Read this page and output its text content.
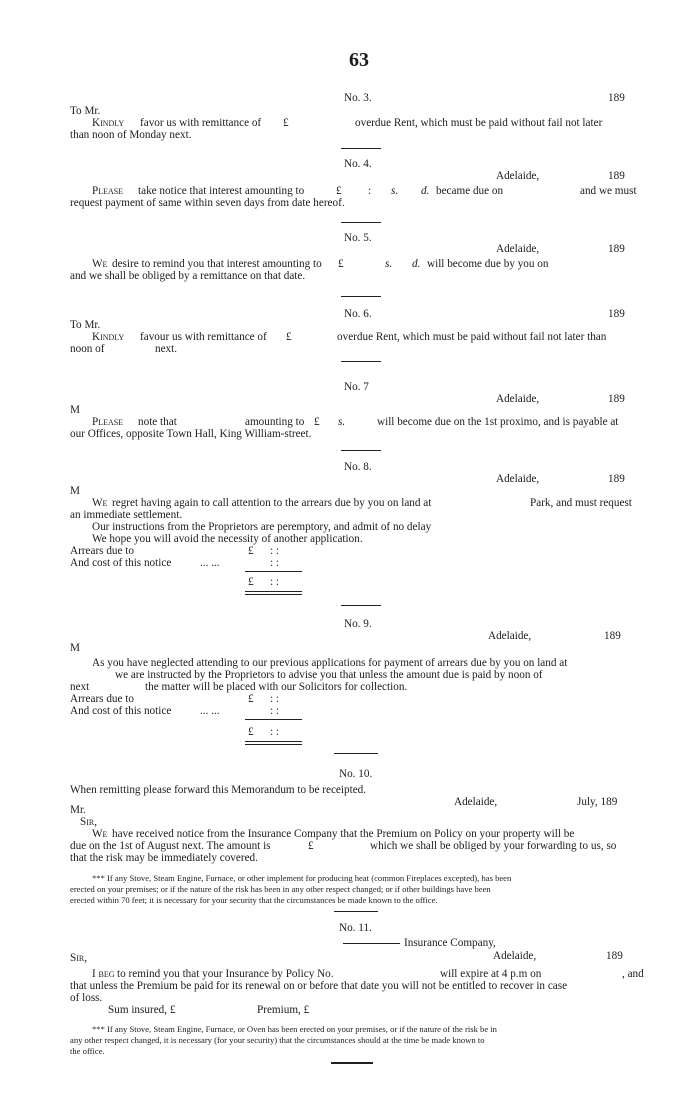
63
No. 3.	189
To Mr.
Kindly favor us with remittance of £	overdue Rent, which must be paid without fail not later
than noon of Monday next.
No. 4.
Adelaide,	189
Please take notice that interest amounting to	£ : s. d. became due on	and we must
request payment of same within seven days from date hereof.
No. 5.
Adelaide,	189
We desire to remind you that interest amounting to £	s. d. will become due by you on
and we shall be obliged by a remittance on that date.
No. 6.	189
To Mr.
Kindly favour us with remittance of £	overdue Rent, which must be paid without fail not later than
noon of	next.
No. 7
Adelaide,	189
M
Please note that	amounting to £ s.	will become due on the 1st proximo, and is payable at
our Offices, opposite Town Hall, King William-street.
No. 8.
Adelaide,	189
M
We regret having again to call attention to the arrears due by you on land at	Park, and must request
an immediate settlement.
Our instructions from the Proprietors are peremptory, and admit of no delay
We hope you will avoid the necessity of another application.
Arrears due to	£ : :
And cost of this notice	... ...	: :
£ : :
No. 9.
Adelaide,	189
M
As you have neglected attending to our previous applications for payment of arrears due by you on land at
we are instructed by the Proprietors to advise you that unless the amount due is paid by noon of
next	the matter will be placed with our Solicitors for collection.
Arrears due to	£ : :
And cost of this notice	... ...	: :
£ : :
No. 10.
When remitting please forward this Memorandum to be receipted.
Adelaide,	July, 189
Mr.
Sir,
We have received notice from the Insurance Company that the Premium on Policy on your property will be
due on the 1st of August next. The amount is	£	which we shall be obliged by your forwarding to us, so
that the risk may be immediately covered.
*** If any Stove, Steam Engine, Furnace, or other implement for producing heat (common Fireplaces excepted), has been
erected on your premises; or if the nature of the risk has been in any other respect changed; or if other buildings have been
erected within 70 feet; it is necessary for your security that the circumstances be made known to the office.
No. 11.
Insurance Company,
Adelaide,	189
Sir,
I beg to remind you that your Insurance by Policy No.	will expire at 4 p.m on	, and
that unless the Premium be paid for its renewal on or before that date you will not be entitled to recover in case
of loss.
Sum insured, £	Premium, £
*** If any Stove, Steam Engine, Furnace, or Oven has been erected on your premises, or if the nature of the risk be in
any other respect changed, it is necessary (for your security) that the circumstances should at the time be made known to
the office.
